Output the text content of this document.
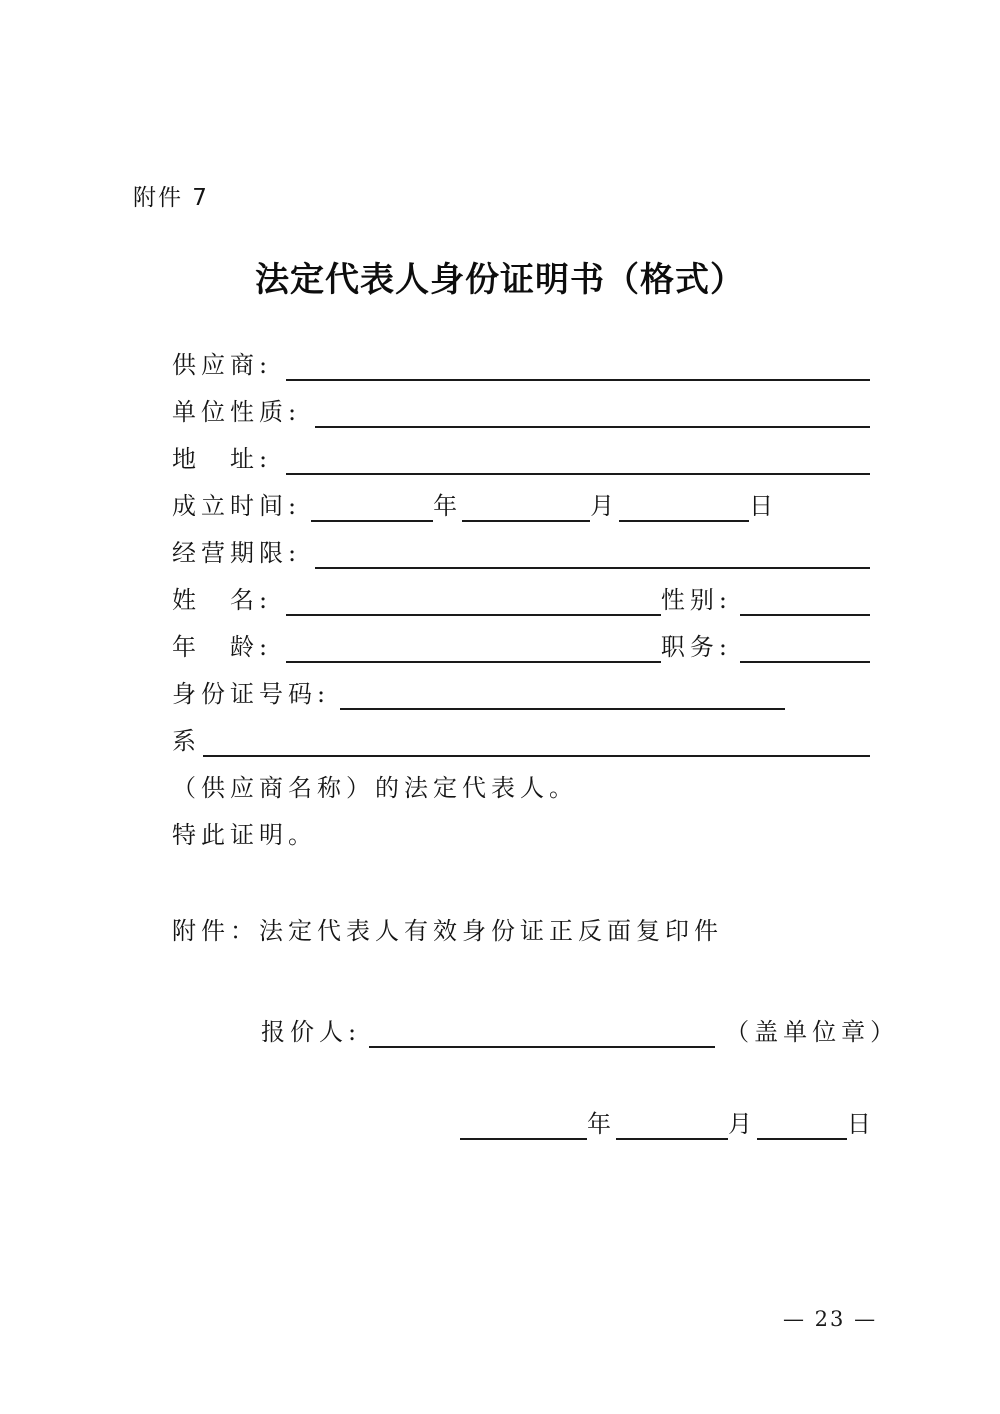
附件 7
法定代表人身份证明书（格式）
供应商:
单位性质:
地　址:
成立时间:	年	月	日
经营期限:
姓　名:	性别:
年　龄:	职务:
身份证号码:
系
（供应商名称）的法定代表人。
特此证明。
附件：法定代表人有效身份证正反面复印件
报价人:	（盖单位章）
年	月	日
— 23 —
